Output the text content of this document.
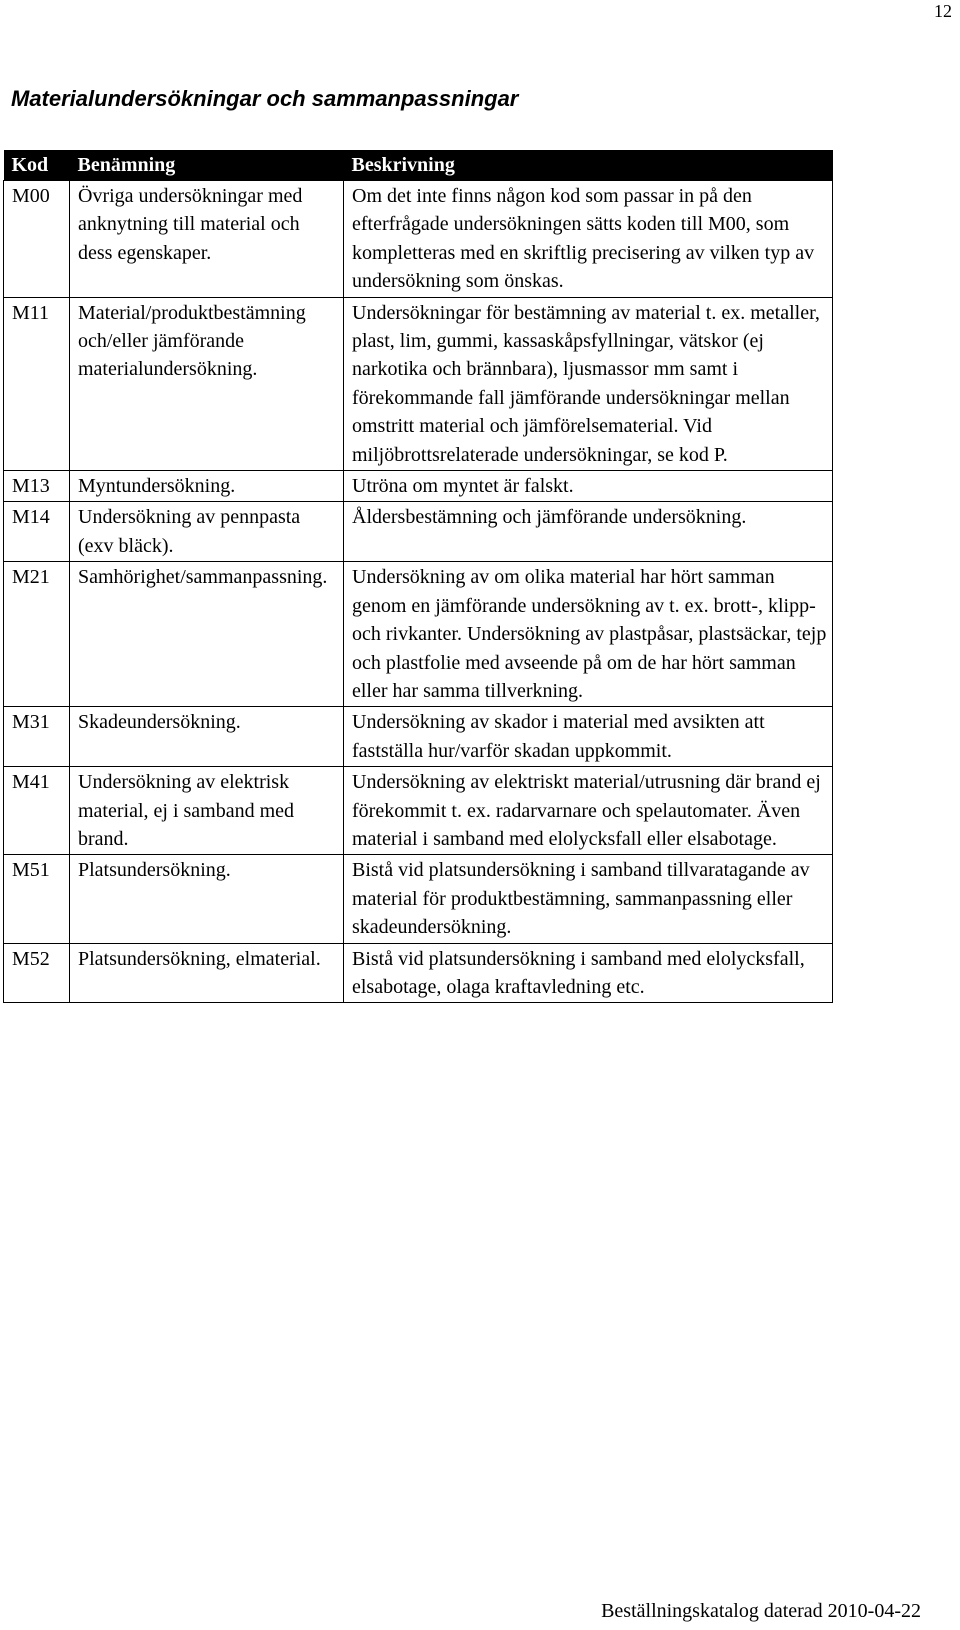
12
Materialundersökningar och sammanpassningar
Kod	Benämning	Beskrivning
M00	Övriga undersökningar med anknytning till material och dess egenskaper.	Om det inte finns någon kod som passar in på den efterfrågade undersökningen sätts koden till M00, som kompletteras med en skriftlig precisering av vilken typ av undersökning som önskas.
M11	Material/produktbestämning och/eller jämförande materialundersökning.	Undersökningar för bestämning av material t. ex. metaller, plast, lim, gummi, kassaskåpsfyllningar, vätskor (ej narkotika och brännbara), ljusmassor mm samt i förekommande fall jämförande undersökningar mellan omstritt material och jämförelsematerial. Vid miljöbrottsrelaterade undersökningar, se kod P.
M13	Myntundersökning.	Utröna om myntet är falskt.
M14	Undersökning av pennpasta (exv bläck).	Åldersbestämning och jämförande undersökning.
M21	Samhörighet/sammanpassning.	Undersökning av om olika material har hört samman genom en jämförande undersökning av t. ex. brott-, klipp- och rivkanter. Undersökning av plastpåsar, plastsäckar, tejp och plastfolie med avseende på om de har hört samman eller har samma tillverkning.
M31	Skadeundersökning.	Undersökning av skador i material med avsikten att fastställa hur/varför skadan uppkommit.
M41	Undersökning av elektrisk material, ej i samband med brand.	Undersökning av elektriskt material/utrusning där brand ej förekommit t. ex. radarvarnare och spelautomater. Även material i samband med elolycksfall eller elsabotage.
M51	Platsundersökning.	Bistå vid platsundersökning i samband tillvaratagande av material för produktbestämning, sammanpassning eller skadeundersökning.
M52	Platsundersökning, elmaterial.	Bistå vid platsundersökning i samband med elolycksfall, elsabotage, olaga kraftavledning etc.
Beställningskatalog daterad 2010-04-22
